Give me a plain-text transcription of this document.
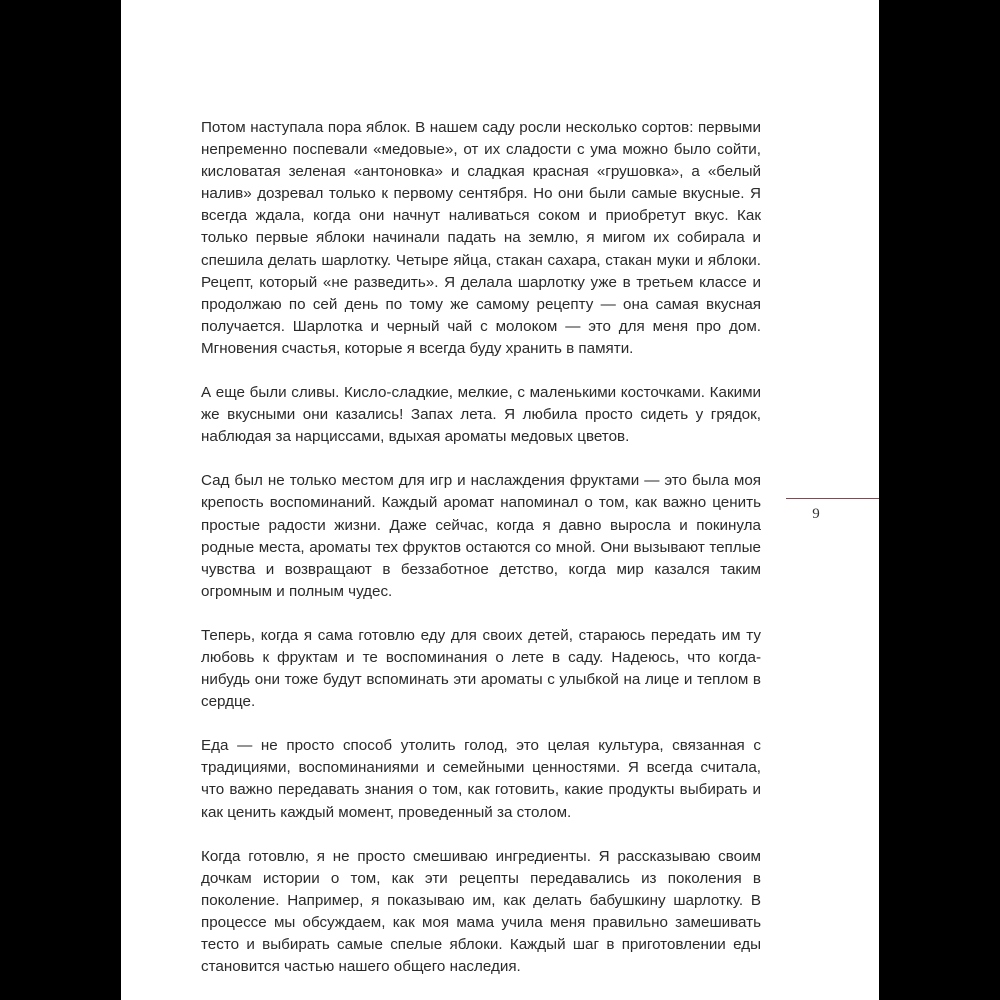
Потом наступала пора яблок. В нашем саду росли несколько сортов: первыми непременно поспевали «медовые», от их сладости с ума можно было сойти, кисловатая зеленая «антоновка» и сладкая красная «грушовка», а «белый налив» дозревал только к первому сентября. Но они были самые вкусные. Я всегда ждала, когда они начнут наливаться соком и приобретут вкус. Как только первые яблоки начинали падать на землю, я мигом их собирала и спешила делать шарлотку. Четыре яйца, стакан сахара, стакан муки и яблоки. Рецепт, который «не разведить». Я делала шарлотку уже в третьем классе и продолжаю по сей день по тому же самому рецепту — она самая вкусная получается. Шарлотка и черный чай с молоком — это для меня про дом. Мгновения счастья, которые я всегда буду хранить в памяти.

А еще были сливы. Кисло-сладкие, мелкие, с маленькими косточками. Какими же вкусными они казались! Запах лета. Я любила просто сидеть у грядок, наблюдая за нарциссами, вдыхая ароматы медовых цветов.

Сад был не только местом для игр и наслаждения фруктами — это была моя крепость воспоминаний. Каждый аромат напоминал о том, как важно ценить простые радости жизни. Даже сейчас, когда я давно выросла и покинула родные места, ароматы тех фруктов остаются со мной. Они вызывают теплые чувства и возвращают в беззаботное детство, когда мир казался таким огромным и полным чудес.

Теперь, когда я сама готовлю еду для своих детей, стараюсь передать им ту любовь к фруктам и те воспоминания о лете в саду. Надеюсь, что когда-нибудь они тоже будут вспоминать эти ароматы с улыбкой на лице и теплом в сердце.

Еда — не просто способ утолить голод, это целая культура, связанная с традициями, воспоминаниями и семейными ценностями. Я всегда считала, что важно передавать знания о том, как готовить, какие продукты выбирать и как ценить каждый момент, проведенный за столом.

Когда готовлю, я не просто смешиваю ингредиенты. Я рассказываю своим дочкам истории о том, как эти рецепты передавались из поколения в поколение. Например, я показываю им, как делать бабушкину шарлотку. В процессе мы обсуждаем, как моя мама учила меня правильно замешивать тесто и выбирать самые спелые яблоки. Каждый шаг в приготовлении еды становится частью нашего общего наследия.

9
